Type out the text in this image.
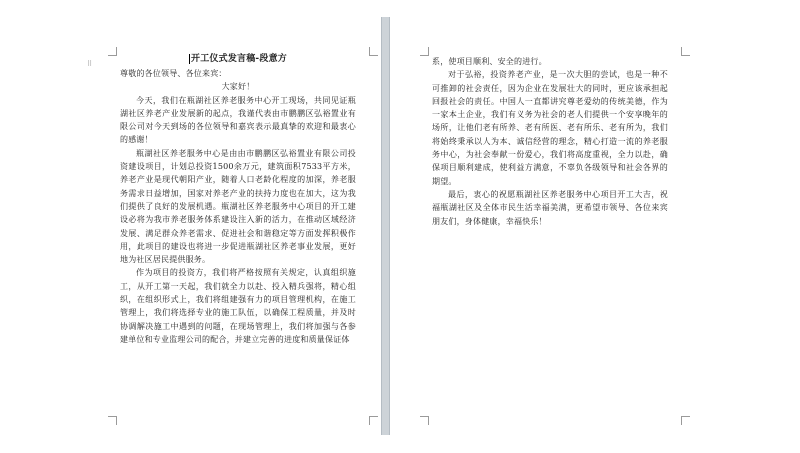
开工仪式发言稿-段意方

尊敬的各位领导、各位来宾：

大家好！

今天，我们在瓶湖社区养老服务中心开工现场，共同见证瓶湖社区养老产业发展新的起点，我谨代表由市鹏鹏区弘裕置业有限公司对今天到场的各位领导和嘉宾表示最真挚的欢迎和最衷心的感谢！

瓶湖社区养老服务中心是由由市鹏鹏区弘裕置业有限公司投资建设项目，计划总投资1500余万元，建筑面积7533平方米，养老产业是现代朝阳产业，随着人口老龄化程度的加深，养老服务需求日益增加，国家对养老产业的扶持力度也在加大，这为我们提供了良好的发展机遇。瓶湖社区养老服务中心项目的开工建设必将为我市养老服务体系建设注入新的活力，在推动区域经济发展、满足群众养老需求、促进社会和谐稳定等方面发挥积极作用，此项目的建设也将进一步促进瓶湖社区养老事业发展，更好地为社区居民提供服务。

作为项目的投资方，我们将严格按照有关规定，认真组织施工，从开工第一天起，我们就全力以赴、投入精兵强将，精心组织，在组织形式上，我们将组建强有力的项目管理机构，在施工管理上，我们将选择专业的施工队伍，以确保工程质量，并及时协调解决施工中遇到的问题，在现场管理上，我们将加强与各参建单位和专业监理公司的配合，并建立完善的进度和质量保证体

⠿	系，使项目顺利、安全的进行。

对于弘裕，投资养老产业，是一次大胆的尝试，也是一种不可推卸的社会责任，因为企业在发展壮大的同时，更应该承担起回报社会的责任。中国人一直都讲究尊老爱幼的传统美德，作为一家本土企业，我们有义务为社会的老人们提供一个安享晚年的场所，让他们老有所养、老有所医、老有所乐、老有所为，我们将始终秉承以人为本、诚信经营的理念，精心打造一流的养老服务中心，为社会奉献一份爱心，我们将高度重视，全力以赴，确保项目顺利建成，使利益方满意，不辜负各级领导和社会各界的期望。

最后，衷心的祝愿瓶湖社区养老服务中心项目开工大吉，祝福瓶湖社区及全体市民生活幸福美满，更希望市领导、各位来宾朋友们，身体健康，幸福快乐！
